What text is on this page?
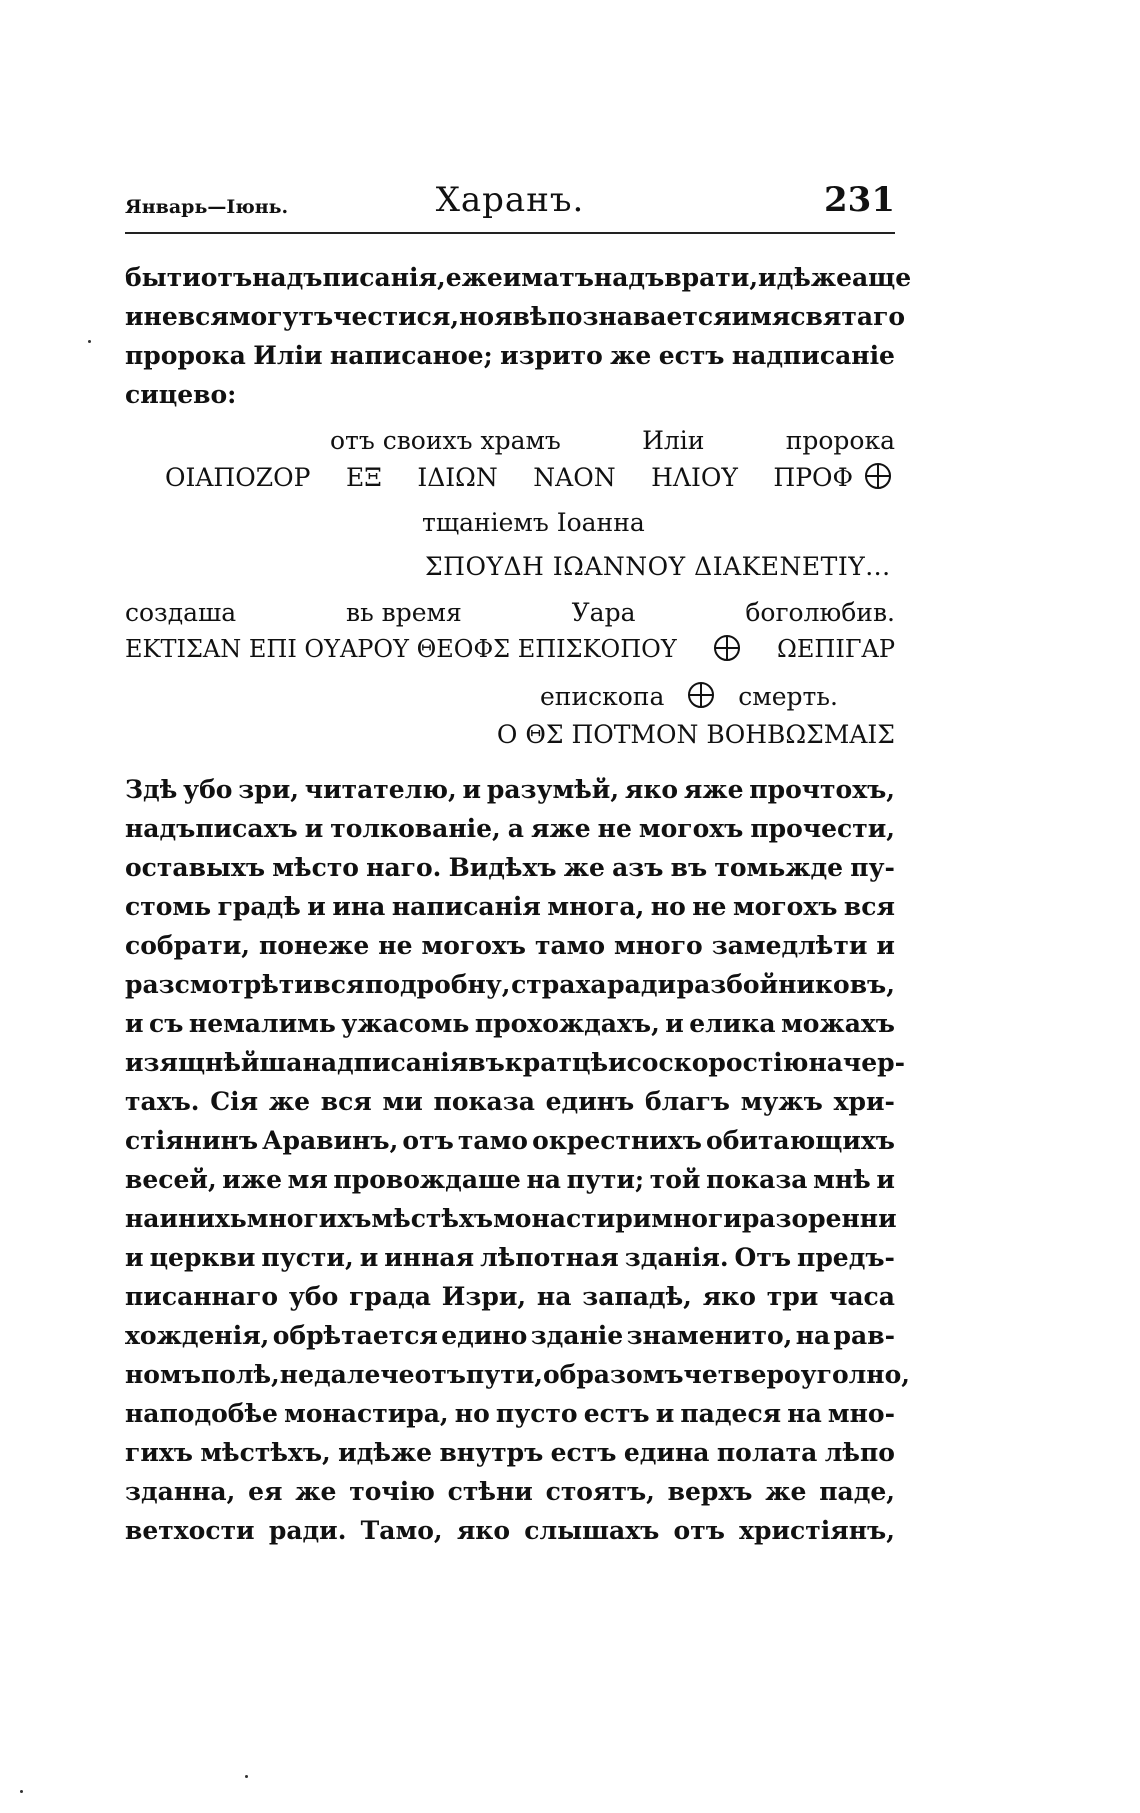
Январь—Іюнь.	Харанъ.	231

быти отъ надъписанія, еже иматъ надъ врати, идѣже аще

и не вся могутъ честися, но явѣ познавается имя святаго

пророка Иліи написаное; изрито же естъ надписаніе

сицево:

отъ своихъ храмъ	Иліи	пророка
ΟΙΑΠΟΖΟΡ ΕΞ ΙΔΙΩΝ ΝΑΟΝ ΗΛΙΟΥ ΠΡΟΦ
тщаніемъ Іоанна
ΣΠΟΥΔΗ ΙΩΑΝΝΟΥ ΔΙΑΚΕΝΕΤΙΥ...
создаша	вь время	Уара	боголюбив.
ΕΚΤΙΣΑΝ ΕΠΙ ΟΥΑΡΟΥ ΘΕΟΦΣ ΕΠΙΣΚΟΠΟΥ	ΩΕΠΙΓΑΡ
епископа	смерть.
Ο ΘΣ ΠΟΤΜΟΝ ΒΟΗΒΩΣΜΑΙΣ
Здѣ убо зри, читателю, и разумѣй, яко яже прочтохъ,
надъписахъ и толкованіе, а яже не могохъ прочести,
оставыхъ мѣсто наго. Видѣхъ же азъ въ томьжде пу-
стомь градѣ и ина написанія многа, но не могохъ вся
собрати, понеже не могохъ тамо много замедлѣти и
разсмотрѣти вся подробну, страха ради разбойниковъ,
и съ немалимь ужасомь прохождахъ, и елика можахъ
изящнѣйша надписанія въкратцѣ и со скоростію начер-
тахъ. Сія же вся ми показа единъ благъ мужъ хри-
стіянинъ Аравинъ, отъ тамо окрестнихъ обитающихъ
весей, иже мя провождаше на пути; той показа мнѣ и
на иниxь многихъ мѣстѣхъ монастири многи разоренни
и церкви пусти, и инная лѣпотная зданія. Отъ предъ-
писаннаго убо града Изри, на западѣ, яко три часа
хожденія, обрѣтается едино зданіе знаменито, на рав-
номъ полѣ, недалече отъ пути, образомъ четвероуголно,
наподобѣе монастира, но пусто естъ и падеся на мно-
гихъ мѣстѣхъ, идѣже внутръ естъ едина полата лѣпо
зданна, ея же точію стѣни стоятъ, верхъ же паде,
ветхости ради. Тамо, яко слышахъ отъ христіянъ,
